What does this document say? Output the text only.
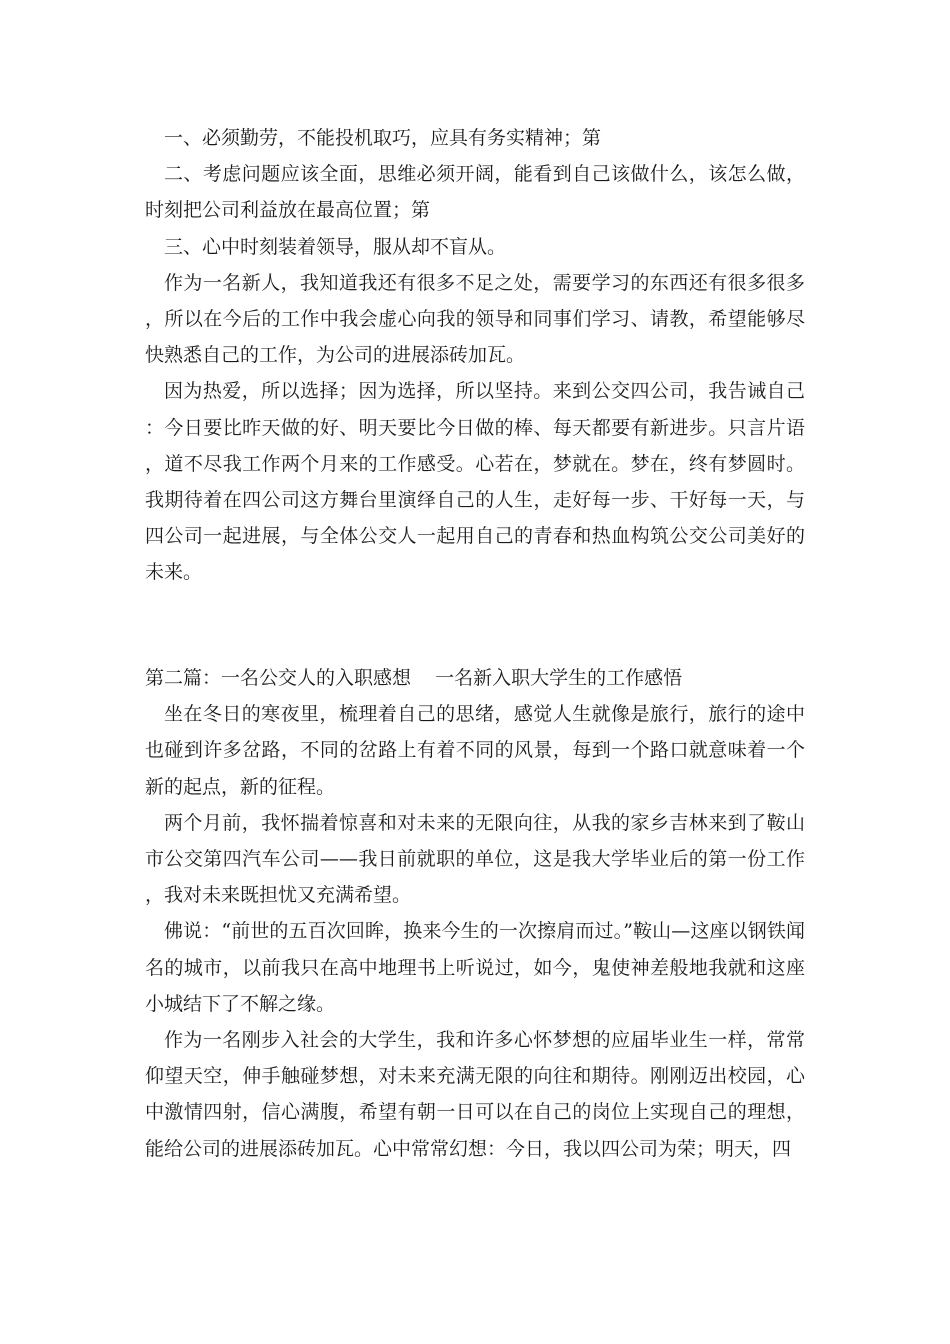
一、必须勤劳，不能投机取巧，应具有务实精神；第

二、考虑问题应该全面，思维必须开阔，能看到自己该做什么，该怎么做，时刻把公司利益放在最高位置；第

三、心中时刻装着领导，服从却不盲从。

作为一名新人，我知道我还有很多不足之处，需要学习的东西还有很多很多，所以在今后的工作中我会虚心向我的领导和同事们学习、请教，希望能够尽快熟悉自己的工作，为公司的进展添砖加瓦。

因为热爱，所以选择；因为选择，所以坚持。来到公交四公司，我告诫自己：今日要比昨天做的好、明天要比今日做的棒、每天都要有新进步。只言片语，道不尽我工作两个月来的工作感受。心若在，梦就在。梦在，终有梦圆时。我期待着在四公司这方舞台里演绎自己的人生，走好每一步、干好每一天，与四公司一起进展，与全体公交人一起用自己的青春和热血构筑公交公司美好的未来。

第二篇：一名公交人的入职感想    一名新入职大学生的工作感悟

坐在冬日的寒夜里，梳理着自己的思绪，感觉人生就像是旅行，旅行的途中也碰到许多岔路，不同的岔路上有着不同的风景，每到一个路口就意味着一个新的起点，新的征程。

两个月前，我怀揣着惊喜和对未来的无限向往，从我的家乡吉林来到了鞍山市公交第四汽车公司——我日前就职的单位，这是我大学毕业后的第一份工作，我对未来既担忧又充满希望。

佛说：“前世的五百次回眸，换来今生的一次擦肩而过。”鞍山—这座以钢铁闻名的城市，以前我只在高中地理书上听说过，如今，鬼使神差般地我就和这座小城结下了不解之缘。

作为一名刚步入社会的大学生，我和许多心怀梦想的应届毕业生一样，常常仰望天空，伸手触碰梦想，对未来充满无限的向往和期待。刚刚迈出校园，心中激情四射，信心满腹，希望有朝一日可以在自己的岗位上实现自己的理想，能给公司的进展添砖加瓦。心中常常幻想：今日，我以四公司为荣；明天，四
